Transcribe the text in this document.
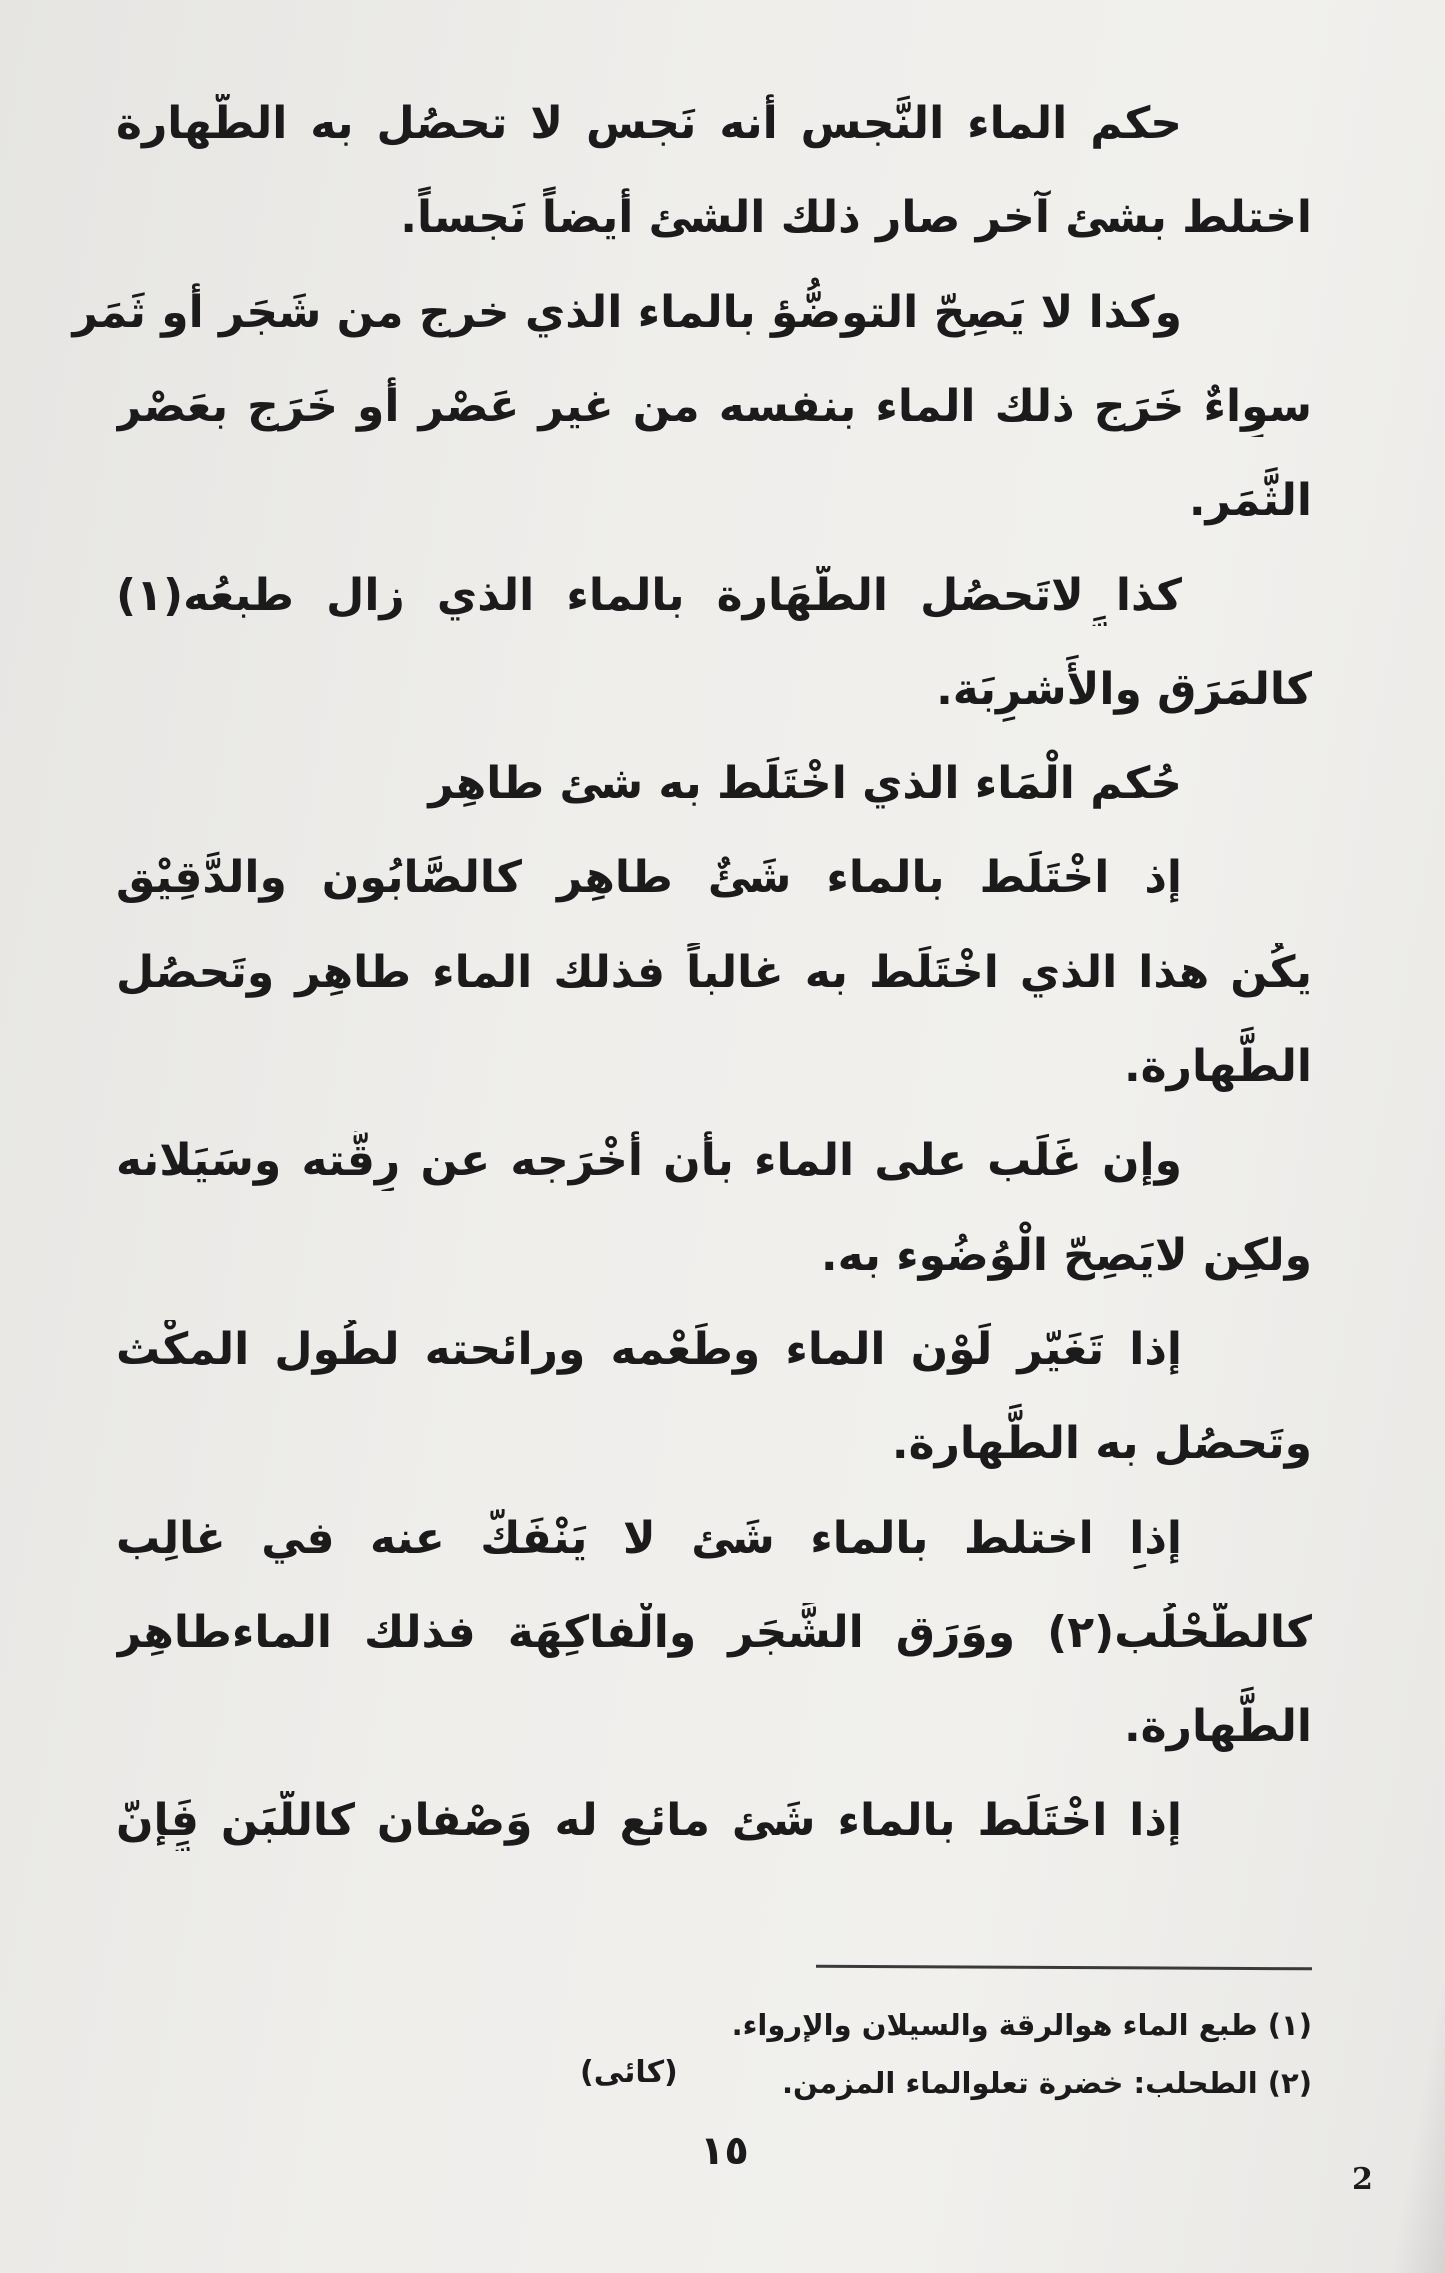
حكم الماء النَّجس أنه نَجس لا تحصُل به الطَّهارة
اختلط بشئ آخر صار ذلك الشئ أيضاً نَجساً.
وكذا لا يَصِحّ التوضُّؤ بالماء الذي خرج من شَجَر أو ثَمَر
سواءٌ خَرَج ذلك الماء بنفسه من غير عَصْر أو خَرَج بعَصْر
الثَّمَر.
كذا لاتَحصُل الطَّهَارة بالماء الذي زال طبعُه(١)
كالمَرَق والأَشرِبَة.
حُكم الْمَاء الذي اخْتَلَط به شئ طاهِر
إذ اخْتَلَط بالماء شَئٌ طاهِر كالصَّابُون والدَّقِيْق
يكُن هذا الذي اخْتَلَط به غالباً فذلك الماء طاهِر وتَحصُل
الطَّهارة.
وإن غَلَب على الماء بأن أَخْرَجه عن رِقَّته وسَيَلانه
ولكِن لايَصِحّ الْوُضُوء به.
إذا تَغَيّر لَوْن الماء وطَعْمه ورائحته لطُول المكْث
وتَحصُل به الطَّهارة.
إذا اختلط بالماء شَئ لا يَنْفَكّ عنه في غالِب
كالطُّحْلُب(٢) ووَرَق الشَّجَر والْفاكِهَة فذلك الماءطاهِر
الطَّهارة.
إذا اخْتَلَط بالماء شَئ مائع له وَصْفان كاللَّبَن فَإنّ
(١) طبع الماء هوالرقة والسيلان والإرواء.
(٢) الطحلب: خضرة تعلوالماء المزمن.
(كائى)
١٥
2
